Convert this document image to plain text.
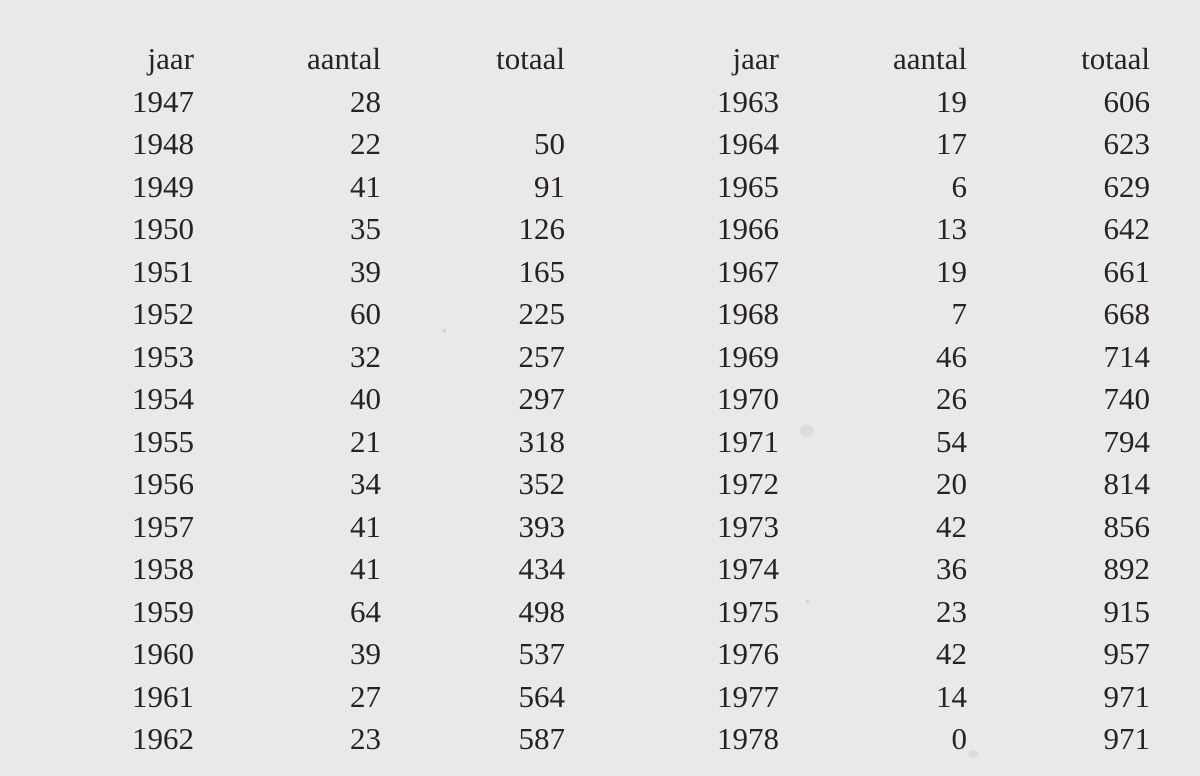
jaar	aantal	totaal
1947	28	
1948	22	50
1949	41	91
1950	35	126
1951	39	165
1952	60	225
1953	32	257
1954	40	297
1955	21	318
1956	34	352
1957	41	393
1958	41	434
1959	64	498
1960	39	537
1961	27	564
1962	23	587
jaar	aantal	totaal
1963	19	606
1964	17	623
1965	6	629
1966	13	642
1967	19	661
1968	7	668
1969	46	714
1970	26	740
1971	54	794
1972	20	814
1973	42	856
1974	36	892
1975	23	915
1976	42	957
1977	14	971
1978	0	971
